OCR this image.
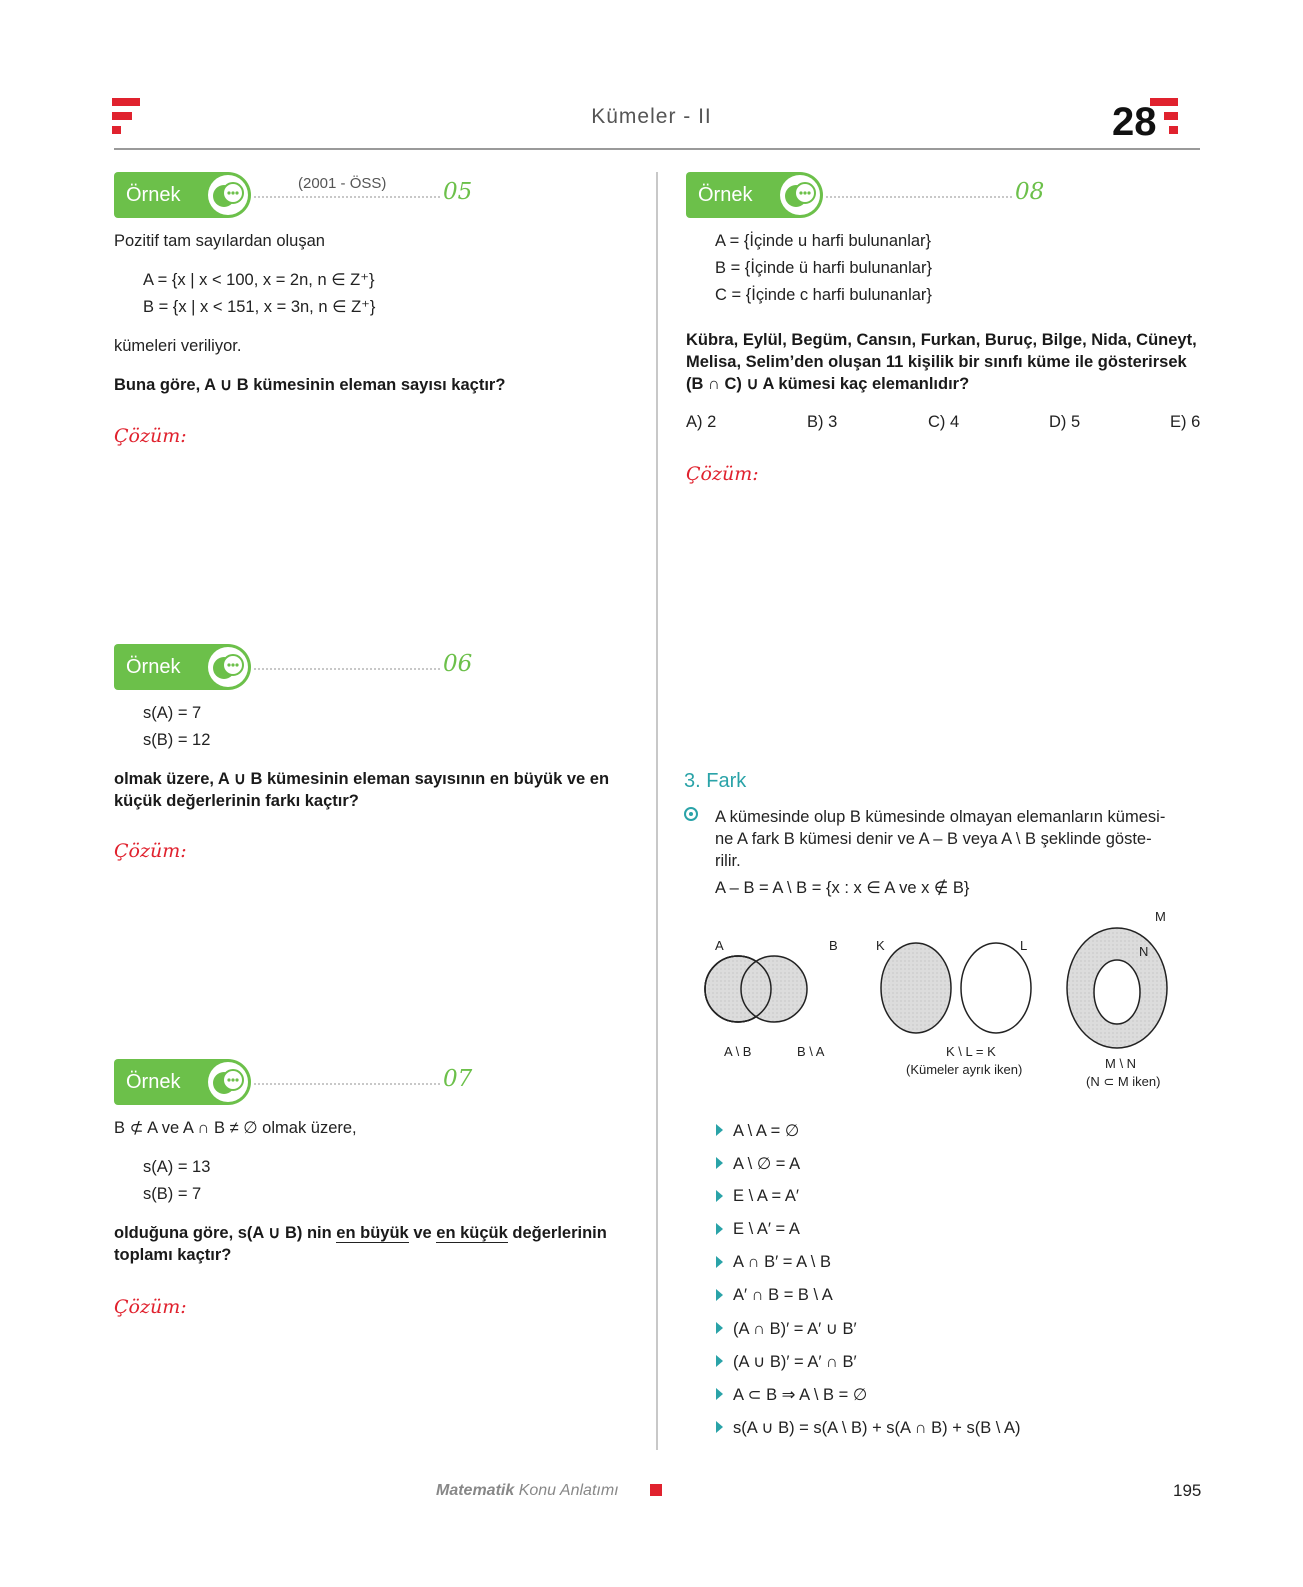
Kümeler - II	28
Örnek
(2001 - ÖSS) 05
Pozitif tam sayılardan oluşan
A = {x | x < 100, x = 2n, n ∈ Z⁺}
B = {x | x < 151, x = 3n, n ∈ Z⁺}
kümeleri veriliyor.
Buna göre, A ∪ B kümesinin eleman sayısı kaçtır?
Çözüm:
Örnek	06
s(A) = 7
s(B) = 12
olmak üzere, A ∪ B kümesinin eleman sayısının en büyük ve en
küçük değerlerinin farkı kaçtır?
Çözüm:
Örnek	07
B ⊄ A ve A ∩ B ≠ ∅ olmak üzere,
s(A) = 13
s(B) = 7
olduğuna göre, s(A ∪ B) nin en büyük ve en küçük değerlerinin
toplamı kaçtır?
Çözüm:
Örnek	08
A = {İçinde u harfi bulunanlar}
B = {İçinde ü harfi bulunanlar}
C = {İçinde c harfi bulunanlar}
Kübra, Eylül, Begüm, Cansın, Furkan, Buruç, Bilge, Nida, Cüneyt,
Melisa, Selim’den oluşan 11 kişilik bir sınıfı küme ile gösterirsek
(B ∩ C) ∪ A kümesi kaç elemanlıdır?
A) 2	B) 3	C) 4	D) 5	E) 6
Çözüm:
3. Fark
A kümesinde olup B kümesinde olmayan elemanların kümesi-
ne A fark B kümesi denir ve A – B veya A \ B şeklinde göste-
rilir.
A – B = A \ B = {x : x ∈ A ve x ∉ B}
A	B
A \ B	B \ A
K	L
K \ L = K
(Kümeler ayrık iken)
M
N
M \ N
(N ⊂ M iken)
A \ A = ∅
A \ ∅ = A
E \ A = A′
E \ A′ = A
A ∩ B′ = A \ B
A′ ∩ B = B \ A
(A ∩ B)′ = A′ ∪ B′
(A ∪ B)′ = A′ ∩ B′
A ⊂ B ⇒ A \ B = ∅
s(A ∪ B) = s(A \ B) + s(A ∩ B) + s(B \ A)
Matematik Konu Anlatımı	195
